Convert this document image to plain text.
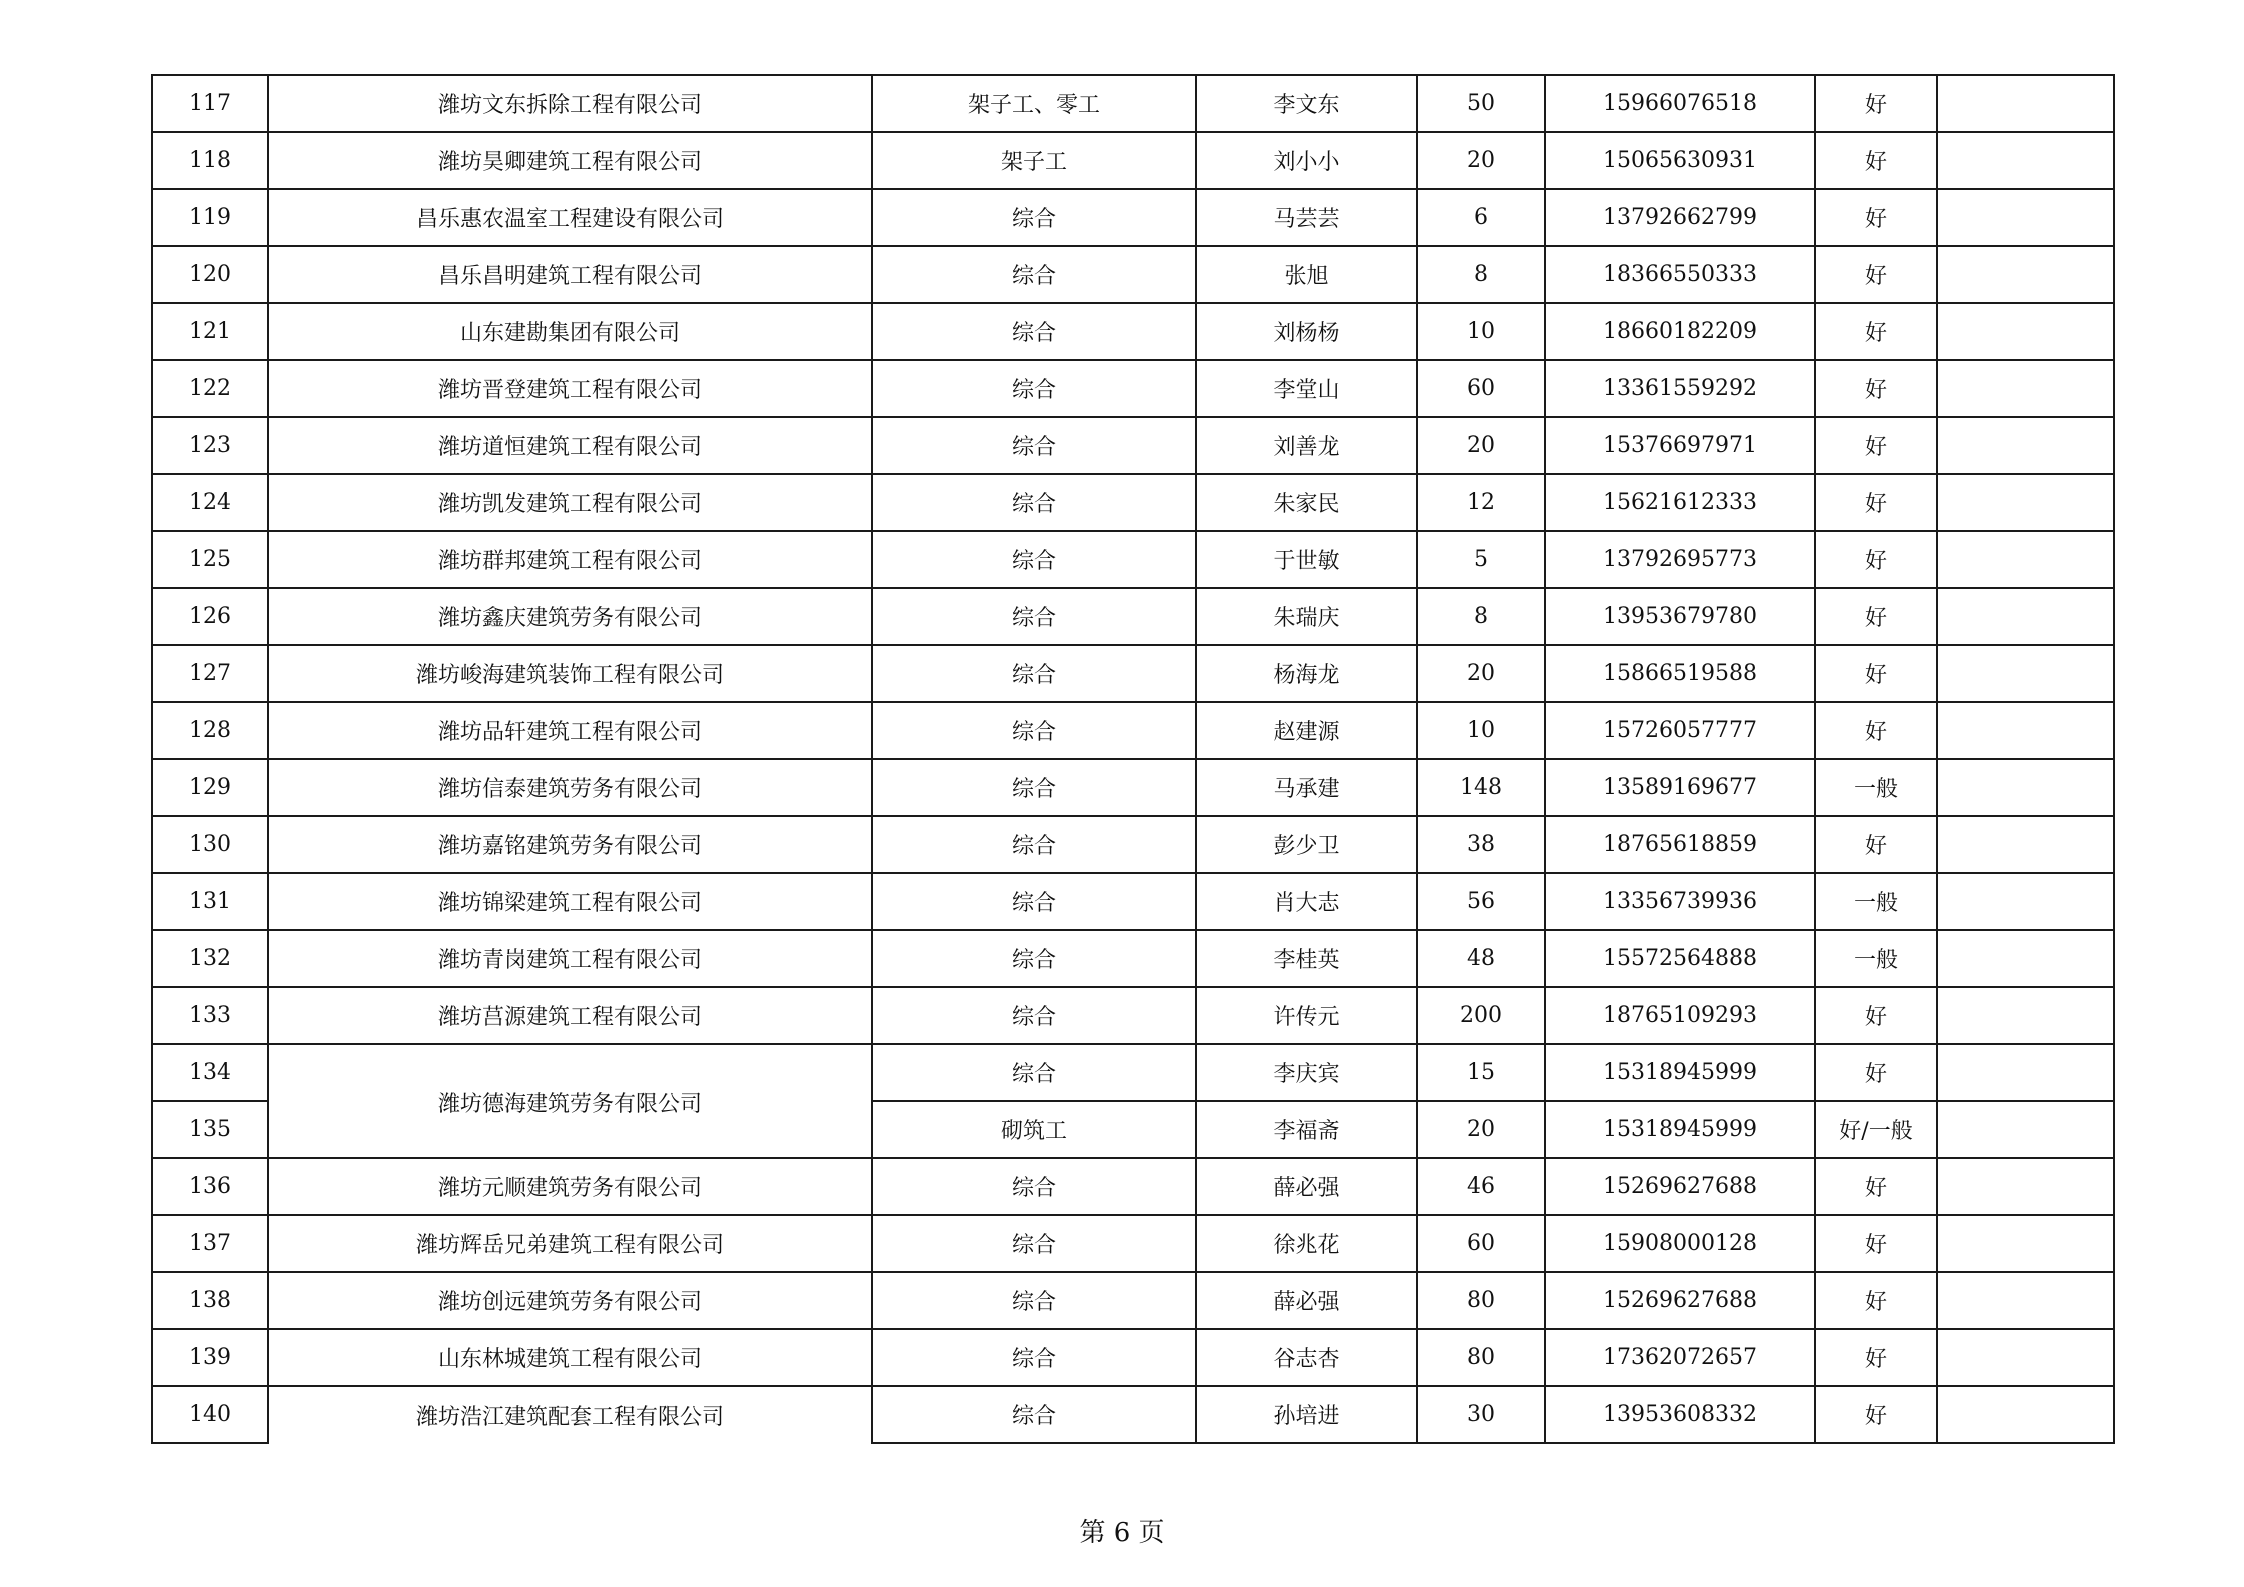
117	潍坊文东拆除工程有限公司	架子工、零工	李文东	50	15966076518	好	
118	潍坊昊卿建筑工程有限公司	架子工	刘小小	20	15065630931	好	
119	昌乐惠农温室工程建设有限公司	综合	马芸芸	6	13792662799	好	
120	昌乐昌明建筑工程有限公司	综合	张旭	8	18366550333	好	
121	山东建勘集团有限公司	综合	刘杨杨	10	18660182209	好	
122	潍坊晋登建筑工程有限公司	综合	李堂山	60	13361559292	好	
123	潍坊道恒建筑工程有限公司	综合	刘善龙	20	15376697971	好	
124	潍坊凯发建筑工程有限公司	综合	朱家民	12	15621612333	好	
125	潍坊群邦建筑工程有限公司	综合	于世敏	5	13792695773	好	
126	潍坊鑫庆建筑劳务有限公司	综合	朱瑞庆	8	13953679780	好	
127	潍坊峻海建筑装饰工程有限公司	综合	杨海龙	20	15866519588	好	
128	潍坊品轩建筑工程有限公司	综合	赵建源	10	15726057777	好	
129	潍坊信泰建筑劳务有限公司	综合	马承建	148	13589169677	一般	
130	潍坊嘉铭建筑劳务有限公司	综合	彭少卫	38	18765618859	好	
131	潍坊锦梁建筑工程有限公司	综合	肖大志	56	13356739936	一般	
132	潍坊青岗建筑工程有限公司	综合	李桂英	48	15572564888	一般	
133	潍坊莒源建筑工程有限公司	综合	许传元	200	18765109293	好	
134	潍坊德海建筑劳务有限公司	综合	李庆宾	15	15318945999	好	
135		砌筑工	李福斋	20	15318945999	好/一般	
136	潍坊元顺建筑劳务有限公司	综合	薛必强	46	15269627688	好	
137	潍坊辉岳兄弟建筑工程有限公司	综合	徐兆花	60	15908000128	好	
138	潍坊创远建筑劳务有限公司	综合	薛必强	80	15269627688	好	
139	山东林城建筑工程有限公司	综合	谷志杏	80	17362072657	好	
140	潍坊浩江建筑配套工程有限公司	综合	孙培进	30	13953608332	好	
第 6 页
